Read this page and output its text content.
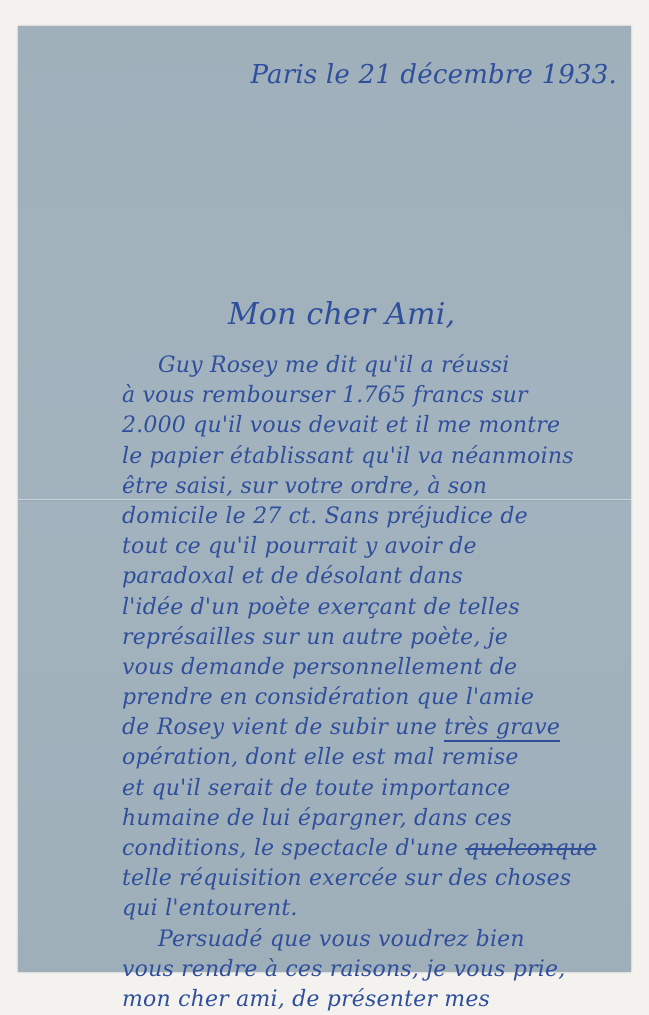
Paris le 21 décembre 1933.
Mon cher Ami,
Guy Rosey me dit qu'il a réussi
à vous rembourser 1.765 francs sur
2.000 qu'il vous devait et il me montre
le papier établissant qu'il va néanmoins
être saisi, sur votre ordre, à son
domicile le 27 ct. Sans préjudice de
tout ce qu'il pourrait y avoir de
paradoxal et de désolant dans
l'idée d'un poète exerçant de telles
représailles sur un autre poète, je
vous demande personnellement de
prendre en considération que l'amie
de Rosey vient de subir une très grave
opération, dont elle est mal remise
et qu'il serait de toute importance
humaine de lui épargner, dans ces
conditions, le spectacle d'une quelconque
telle réquisition exercée sur des choses
qui l'entourent.
Persuadé que vous voudrez bien
vous rendre à ces raisons, je vous prie,
mon cher ami, de présenter mes
